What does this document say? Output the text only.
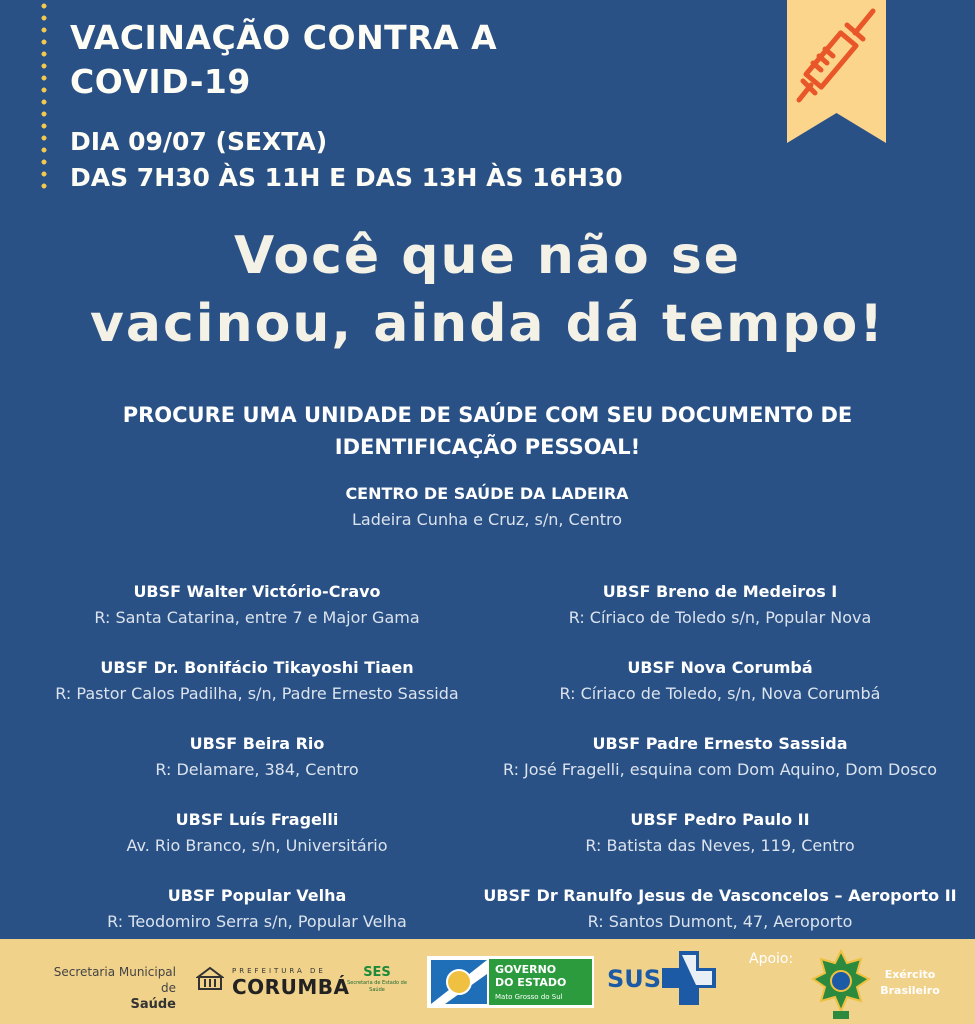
VACINAÇÃO CONTRA A
COVID-19
DIA 09/07 (SEXTA)
DAS 7H30 ÀS 11H E DAS 13H ÀS 16H30
Você que não se
vacinou, ainda dá tempo!
PROCURE UMA UNIDADE DE SAÚDE COM SEU DOCUMENTO DE
IDENTIFICAÇÃO PESSOAL!
CENTRO DE SAÚDE DA LADEIRA
Ladeira Cunha e Cruz, s/n, Centro
UBSF Walter Victório-Cravo
R: Santa Catarina, entre 7 e Major Gama
UBSF Dr. Bonifácio Tikayoshi Tiaen
R: Pastor Calos Padilha, s/n, Padre Ernesto Sassida
UBSF Beira Rio
R: Delamare, 384, Centro
UBSF Luís Fragelli
Av. Rio Branco, s/n, Universitário
UBSF Popular Velha
R: Teodomiro Serra s/n, Popular Velha
UBSF Breno de Medeiros I
R: Círiaco de Toledo s/n, Popular Nova
UBSF Nova Corumbá
R: Círiaco de Toledo, s/n, Nova Corumbá
UBSF Padre Ernesto Sassida
R: José Fragelli, esquina com Dom Aquino, Dom Dosco
UBSF Pedro Paulo II
R: Batista das Neves, 119, Centro
UBSF Dr Ranulfo Jesus de Vasconcelos – Aeroporto II
R: Santos Dumont, 47, Aeroporto
Secretaria Municipal de
Saúde
PREFEITURA DE
CORUMBÁ
SES
Secretaria de Estado de Saúde
GOVERNO
DO ESTADO
Mato Grosso do Sul
SUS
Apoio:
Exército
Brasileiro
